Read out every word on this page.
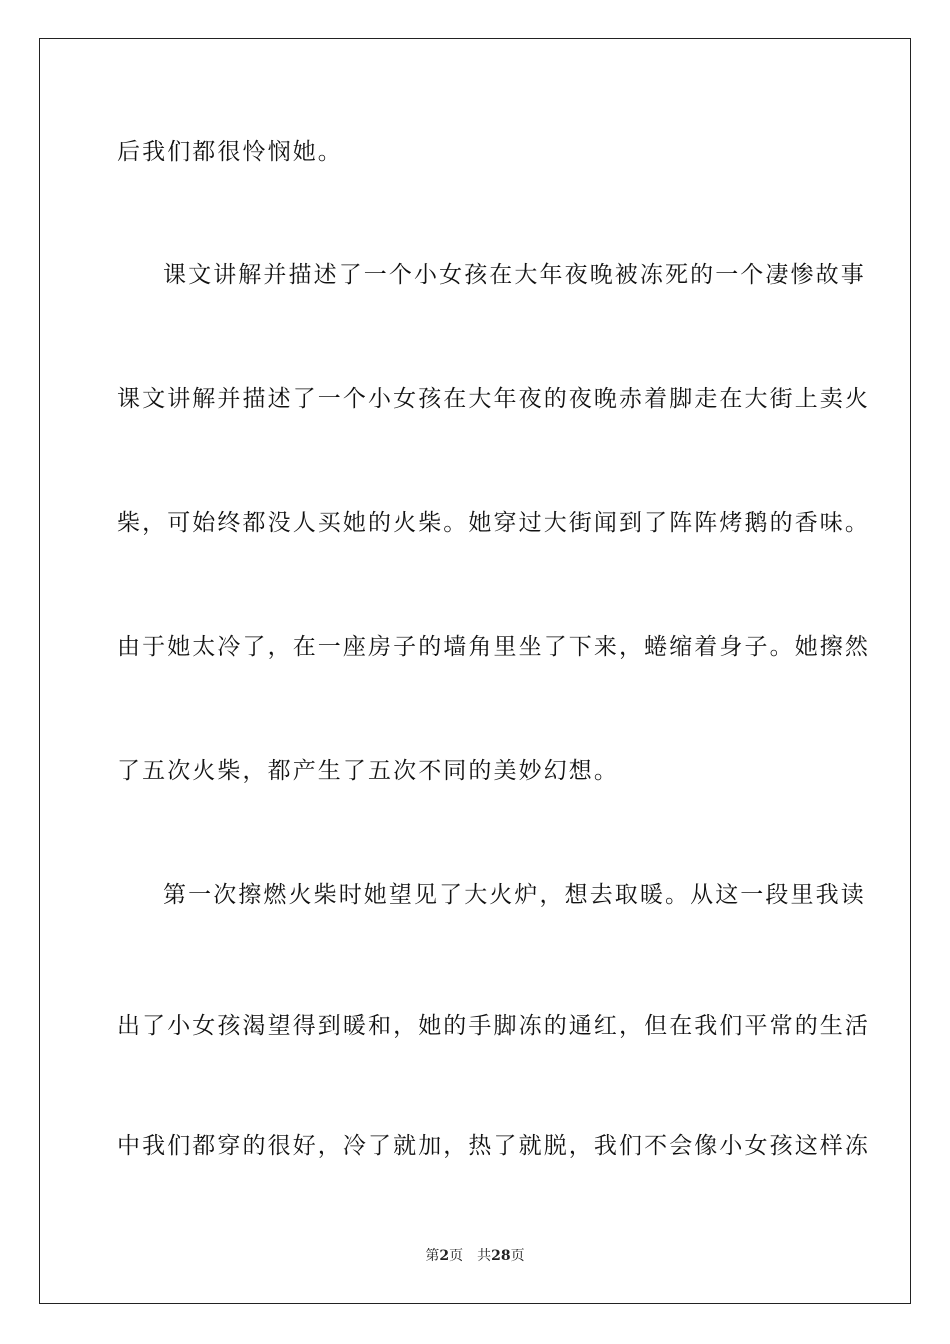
后我们都很怜悯她。
课文讲解并描述了一个小女孩在大年夜晚被冻死的一个凄惨故事
课文讲解并描述了一个小女孩在大年夜的夜晚赤着脚走在大街上卖火
柴，可始终都没人买她的火柴。她穿过大街闻到了阵阵烤鹅的香味。
由于她太冷了，在一座房子的墙角里坐了下来，蜷缩着身子。她擦然
了五次火柴，都产生了五次不同的美妙幻想。
第一次擦燃火柴时她望见了大火炉，想去取暖。从这一段里我读
出了小女孩渴望得到暖和，她的手脚冻的通红，但在我们平常的生活
中我们都穿的很好，冷了就加，热了就脱，我们不会像小女孩这样冻
第2页 共28页
